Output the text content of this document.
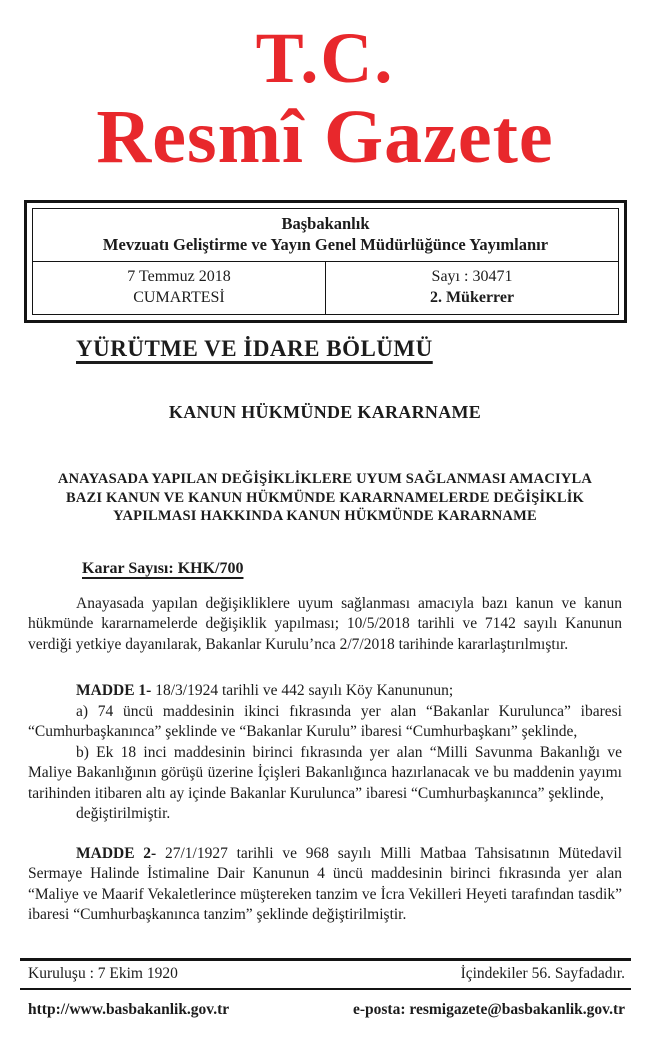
T.C.
Resmî Gazete
Başbakanlık
Mevzuatı Geliştirme ve Yayın Genel Müdürlüğünce Yayımlanır
7 Temmuz 2018
CUMARTESİ
Sayı : 30471
2. Mükerrer
YÜRÜTME VE İDARE BÖLÜMÜ
KANUN HÜKMÜNDE KARARNAME
ANAYASADA YAPILAN DEĞİŞİKLİKLERE UYUM SAĞLANMASI AMACIYLA
BAZI KANUN VE KANUN HÜKMÜNDE KARARNAMELERDE DEĞİŞİKLİK
YAPILMASI HAKKINDA KANUN HÜKMÜNDE KARARNAME
Karar Sayısı: KHK/700

Anayasada yapılan değişikliklere uyum sağlanması amacıyla bazı kanun ve kanun hükmünde kararnamelerde değişiklik yapılması; 10/5/2018 tarihli ve 7142 sayılı Kanunun verdiği yetkiye dayanılarak, Bakanlar Kurulu’nca 2/7/2018 tarihinde kararlaştırılmıştır.

MADDE 1- 18/3/1924 tarihli ve 442 sayılı Köy Kanununun;

a) 74 üncü maddesinin ikinci fıkrasında yer alan “Bakanlar Kurulunca” ibaresi “Cumhurbaşkanınca” şeklinde ve “Bakanlar Kurulu” ibaresi “Cumhurbaşkanı” şeklinde,

b) Ek 18 inci maddesinin birinci fıkrasında yer alan “Milli Savunma Bakanlığı ve Maliye Bakanlığının görüşü üzerine İçişleri Bakanlığınca hazırlanacak ve bu maddenin yayımı tarihinden itibaren altı ay içinde Bakanlar Kurulunca” ibaresi “Cumhurbaşkanınca” şeklinde,

değiştirilmiştir.

MADDE 2- 27/1/1927 tarihli ve 968 sayılı Milli Matbaa Tahsisatının Mütedavil Sermaye Halinde İstimaline Dair Kanunun 4 üncü maddesinin birinci fıkrasında yer alan “Maliye ve Maarif Vekaletlerince müştereken tanzim ve İcra Vekilleri Heyeti tarafından tasdik” ibaresi “Cumhurbaşkanınca tanzim” şeklinde değiştirilmiştir.

Kuruluşu : 7 Ekim 1920	İçindekiler 56. Sayfadadır.
http://www.basbakanlik.gov.tr	e-posta: resmigazete@basbakanlik.gov.tr
